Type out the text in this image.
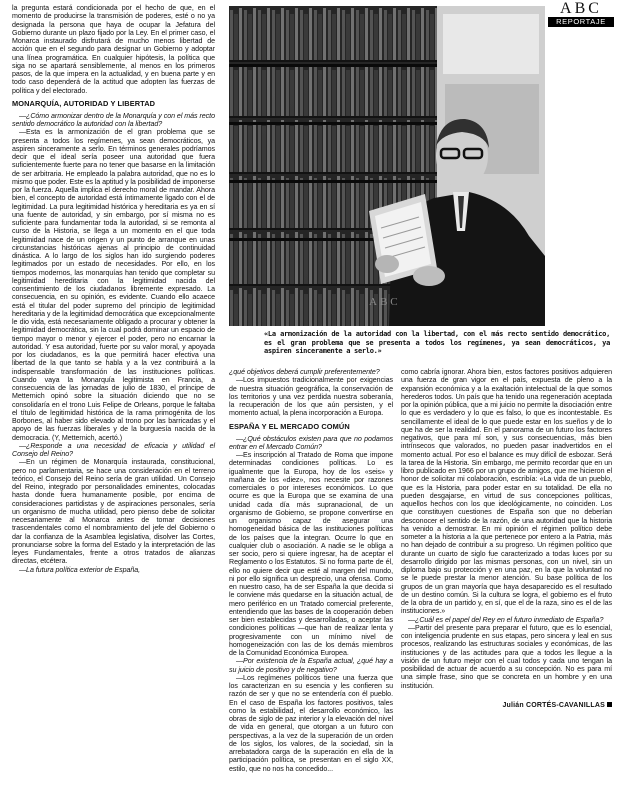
ABC
REPORTAJE
ABC
«La armonización de la autoridad con la libertad, con el más recto sentido democrático, es el gran problema que se presenta a todos los regímenes, ya sean democráticos, ya aspiren sinceramente a serlo.»

la pregunta estará condicionada por el hecho de que, en el momento de producirse la transmisión de poderes, esté o no ya designada la persona que haya de ocupar la Jefatura del Gobierno durante un plazo fijado por la Ley. En el primer caso, el Monarca instaurado disfrutará de mucho menos libertad de acción que en el segundo para designar un Gobierno y adoptar una línea programática. En cualquier hipótesis, la política que siga no se apartará sensiblemente, al menos en los primeros pasos, de la que impera en la actualidad, y en buena parte y en todo caso dependerá de la actitud que adopten las fuerzas de política y del electorado.

MONARQUÍA, AUTORIDAD Y LIBERTAD

—¿Cómo armonizar dentro de la Monarquía y con el más recto sentido democrático la autoridad con la libertad?

—Esta es la armonización de el gran problema que se presenta a todos los regímenes, ya sean democráticos, ya aspiren sinceramente a serlo. En términos generales podríamos decir que el ideal sería poseer una autoridad que fuera suficientemente fuerte para no tener que basarse en la limitación de ser arbitraria. He empleado la palabra autoridad, que no es lo mismo que poder. Este es la aptitud y la posibilidad de imponerse por la fuerza. Aquella implica el derecho moral de mandar. Ahora bien, el concepto de autoridad está íntimamente ligado con el de legitimidad. La pura legitimidad histórica y hereditaria es ya en sí una fuente de autoridad, y sin embargo, por sí misma no es suficiente para fundamentar toda la autoridad, si se remonta al curso de la Historia, se llega a un momento en el que toda legitimidad nace de un origen y un punto de arranque en unas circunstancias históricas ajenas al principio de continuidad dinástica. A lo largo de los siglos han ido surgiendo poderes legitimados por un estado de necesidades. Por ello, en los tiempos modernos, las monarquías han tenido que completar su legitimidad hereditaria con la legitimidad nacida del consentimiento de los ciudadanos libremente expresado. La consecuencia, en su opinión, es evidente. Cuando ello acaece está el titular del poder supremo del principio de legitimidad hereditaria y de la legitimidad democrática que excepcionalmente le dio vida, está necesariamente obligado a procurar y obtener la legitimidad democrática, sin la cual podrá dominar un espacio de tiempo mayor o menor y ejercer el poder, pero no encarnar la autoridad. Y esa autoridad, fuerte por su valor moral, y apoyada por los ciudadanos, es la que permitirá hacer efectiva una libertad de la que tanto se habla y a la vez contribuirá a la indispensable transformación de las instituciones políticas. Cuando vaya la Monarquía legitimista en Francia, a consecuencia de las jornadas de julio de 1830, el príncipe de Metternich opinó sobre la situación diciendo que no se consolidaría en el trono Luis Felipe de Orleans, porque le faltaba el título de legitimidad histórica de la rama primogénita de los Borbones, al haber sido elevado al trono por las barricadas y el apoyo de las fuerzas liberales y de la burguesía nacida de la democracia. (Y, Metternich, acertó.)

—¿Responde a una necesidad de eficacia y utilidad el Consejo del Reino?

—En un régimen de Monarquía instaurada, constitucional, pero no parlamentaria, se hace una consideración en el terreno teórico, el Consejo del Reino sería de gran utilidad. Un Consejo del Reino, integrado por personalidades eminentes, colocadas hasta donde fuera humanamente posible, por encima de consideraciones partidistas y de aspiraciones personales, sería un organismo de mucha utilidad, pero pienso debe de solicitar necesariamente al Monarca antes de tomar decisiones trascendentales como el nombramiento del jefe del Gobierno o dar la confianza de la Asamblea legislativa, disolver las Cortes, pronunciarse sobre la forma del Estado y la interpretación de las leyes Fundamentales, frente a otros tratados de alianzas directas, etcétera.

—La futura política exterior de España,

¿qué objetivos deberá cumplir preferentemente?

—Los impuestos tradicionalmente por exigencias de nuestra situación geográfica, la conservación de los territorios y una vez perdida nuestra soberanía, la recuperación de los que aún persisten, y el momento actual, la plena incorporación a Europa.

ESPAÑA Y EL MERCADO COMÚN

—¿Qué obstáculos existen para que no podamos entrar en el Mercado Común?

—Es inscripción al Tratado de Roma que impone determinadas condiciones políticas. Lo es igualmente que la Europa, hoy de los «seis» y mañana de los «diez», nos necesite por razones comerciales o por intereses económicos. Lo que ocurre es que la Europa que se examina de una unidad cada día más supranacional, de un organismo de Gobierno, se propone convertirse en un organismo capaz de asegurar una homogeneidad básica de las instituciones políticas de los países que la integran. Ocurre lo que en cualquier club o asociación. A nadie se le obliga a ser socio, pero si quiere ingresar, ha de aceptar el Reglamento o los Estatutos. Si no forma parte de él, ello no quiere decir que esté al margen del mundo, ni por ello significa un desprecio, una ofensa. Como en nuestro caso, ha de ser España la que decida si le conviene más quedarse en la situación actual, de mero periférico en un Tratado comercial preferente, entendiendo que las bases de la cooperación deben ser bien establecidas y desarrolladas, o aceptar las condiciones políticas —que han de realizar lenta y progresivamente con un mínimo nivel de homogeneización con las de los demás miembros de la Comunidad Económica Europea.

—Por existencia de la España actual, ¿qué hay a su juicio de positivo y de negativo?

—Los regímenes políticos tiene una fuerza que los caracterizan en su esencia y les confieren su razón de ser y que no se entendería con él pueblo. En el caso de España los factores positivos, tales como la estabilidad, el desarrollo económico, las obras de siglo de paz interior y la elevación del nivel de vida en general, que otorgan a un futuro con perspectivas, a la vez de la superación de un orden de los siglos, los valores, de la sociedad, sin la arrebatadora carga de la superación en ella de la participación política, se presentan en el siglo XX, estilo, que no nos ha concedido...

como cabría ignorar. Ahora bien, estos factores positivos adquieren una fuerza de gran vigor en el país, expuesta de pleno a la expansión económica y a la exaltación intelectual de la que somos herederos todos. Un país que ha tenido una regeneración aceptada por la opinión pública, que a mi juicio no permite la disociación entre lo que es verdadero y lo que es falso, lo que es incontestable. Es sencillamente el ideal de lo que puede estar en los sueños y de lo que ha de ser la realidad. En el panorama de un futuro los factores negativos, que para mí son, y sus consecuencias, más bien intrínsecos que valorados, no pueden pasar inadvertidos en el momento actual. Por eso el balance es muy difícil de esbozar. Será la tarea de la Historia. Sin embargo, me permito recordar que en un libro publicado en 1966 por un grupo de amigos, que me hicieron el honor de solicitar mi colaboración, escribía: «La vida de un pueblo, que es la Historia, para poder estar en su totalidad. De ella no pueden desgajarse, en virtud de sus concepciones políticas, aquellos hechos con los que ideológicamente, no coinciden. Los que constituyen cuestiones de España son que no deberían desconocer el sentido de la razón, de una autoridad que la historia ha venido a demostrar. En mi opinión el régimen político debe someter a la historia a la que pertenece por entero a la Patria, más no han dejado de contribuir a su progreso. Un régimen político que durante un cuarto de siglo fue caracterizado a todas luces por su desarrollo dirigido por las mismas personas, con un nivel, sin un diploma bajo su protección y en una paz, en la que la voluntad no se le puede prestar la menor atención. Su base política de los grupos de un gran mayoría que haya desaparecido es el resultado de un destino común. Si la cultura se logra, el gobierno es el fruto de la obra de un partido y, en sí, que el de la raza, sino es el de las instituciones.»

—¿Cuál es el papel del Rey en el futuro inmediato de España?

—Partir del presente para preparar el futuro, que es lo esencial, con inteligencia prudente en sus etapas, pero sincera y leal en sus procesos, realizando las estructuras sociales y económicas, de las instituciones y de las actitudes para que a todos les llegue a la visión de un futuro mejor con el cual todos y cada uno tengan la posibilidad de actuar de acuerdo a su concepción. No es para mí una simple frase, sino que se concreta en un hombre y en una institución.

Julián CORTÉS-CAVANILLAS
